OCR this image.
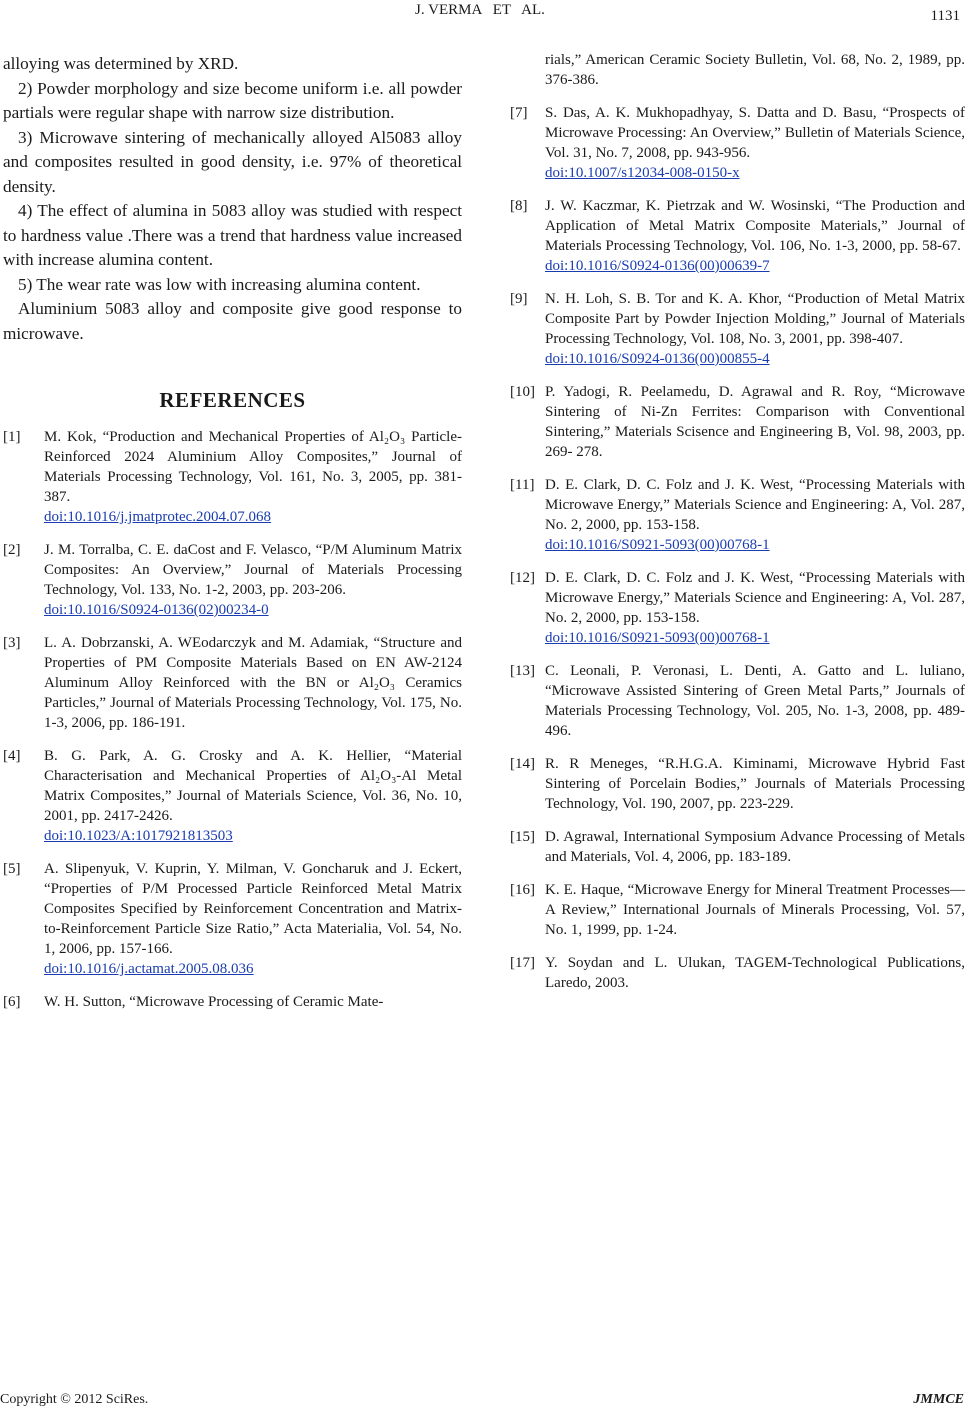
J. VERMA   ET   AL.	1131

alloying was determined by XRD.

2) Powder morphology and size become uniform i.e. all powder partials were regular shape with narrow size distribution.

3) Microwave sintering of mechanically alloyed Al5083 alloy and composites resulted in good density, i.e. 97% of theoretical density.

4) The effect of alumina in 5083 alloy was studied with respect to hardness value .There was a trend that hardness value increased with increase alumina content.

5) The wear rate was low with increasing alumina content.

Aluminium 5083 alloy and composite give good response to microwave.

REFERENCES
[1] M. Kok, “Production and Mechanical Properties of Al₂O₃ Particle-Reinforced 2024 Aluminium Alloy Composites,” Journal of Materials Processing Technology, Vol. 161, No. 3, 2005, pp. 381-387.
doi:10.1016/j.jmatprotec.2004.07.068
[2] J. M. Torralba, C. E. daCost and F. Velasco, “P/M Aluminum Matrix Composites: An Overview,” Journal of Materials Processing Technology, Vol. 133, No. 1-2, 2003, pp. 203-206.
doi:10.1016/S0924-0136(02)00234-0
[3] L. A. Dobrzanski, A. WEodarczyk and M. Adamiak, “Structure and Properties of PM Composite Materials Based on EN AW-2124 Aluminum Alloy Reinforced with the BN or Al₂O₃ Ceramics Particles,” Journal of Materials Processing Technology, Vol. 175, No. 1-3, 2006, pp. 186-191.
[4] B. G. Park, A. G. Crosky and A. K. Hellier, “Material Characterisation and Mechanical Properties of Al₂O₃-Al Metal Matrix Composites,” Journal of Materials Science, Vol. 36, No. 10, 2001, pp. 2417-2426.
doi:10.1023/A:1017921813503
[5] A. Slipenyuk, V. Kuprin, Y. Milman, V. Goncharuk and J. Eckert, “Properties of P/M Processed Particle Reinforced Metal Matrix Composites Specified by Reinforcement Concentration and Matrix-to-Reinforcement Particle Size Ratio,” Acta Materialia, Vol. 54, No. 1, 2006, pp. 157-166.
doi:10.1016/j.actamat.2005.08.036
[6] W. H. Sutton, “Microwave Processing of Ceramic Mate-
rials,” American Ceramic Society Bulletin, Vol. 68, No. 2, 1989, pp. 376-386.
[7] S. Das, A. K. Mukhopadhyay, S. Datta and D. Basu, “Prospects of Microwave Processing: An Overview,” Bulletin of Materials Science, Vol. 31, No. 7, 2008, pp. 943-956.
doi:10.1007/s12034-008-0150-x
[8] J. W. Kaczmar, K. Pietrzak and W. Wosinski, “The Production and Application of Metal Matrix Composite Materials,” Journal of Materials Processing Technology, Vol. 106, No. 1-3, 2000, pp. 58-67.
doi:10.1016/S0924-0136(00)00639-7
[9] N. H. Loh, S. B. Tor and K. A. Khor, “Production of Metal Matrix Composite Part by Powder Injection Molding,” Journal of Materials Processing Technology, Vol. 108, No. 3, 2001, pp. 398-407.
doi:10.1016/S0924-0136(00)00855-4
[10] P. Yadogi, R. Peelamedu, D. Agrawal and R. Roy, “Microwave Sintering of Ni-Zn Ferrites: Comparison with Conventional Sintering,” Materials Scisence and Engineering B, Vol. 98, 2003, pp. 269- 278.
[11] D. E. Clark, D. C. Folz and J. K. West, “Processing Materials with Microwave Energy,” Materials Science and Engineering: A, Vol. 287, No. 2, 2000, pp. 153-158.
doi:10.1016/S0921-5093(00)00768-1
[12] D. E. Clark, D. C. Folz and J. K. West, “Processing Materials with Microwave Energy,” Materials Science and Engineering: A, Vol. 287, No. 2, 2000, pp. 153-158.
doi:10.1016/S0921-5093(00)00768-1
[13] C. Leonali, P. Veronasi, L. Denti, A. Gatto and L. luliano, “Microwave Assisted Sintering of Green Metal Parts,” Journals of Materials Processing Technology, Vol. 205, No. 1-3, 2008, pp. 489-496.
[14] R. R Meneges, “R.H.G.A. Kiminami, Microwave Hybrid Fast Sintering of Porcelain Bodies,” Journals of Materials Processing Technology, Vol. 190, 2007, pp. 223-229.
[15] D. Agrawal, International Symposium Advance Processing of Metals and Materials, Vol. 4, 2006, pp. 183-189.
[16] K. E. Haque, “Microwave Energy for Mineral Treatment Processes—A Review,” International Journals of Minerals Processing, Vol. 57, No. 1, 1999, pp. 1-24.
[17] Y. Soydan and L. Ulukan, TAGEM-Technological Publications, Laredo, 2003.
Copyright © 2012 SciRes.	JMMCE
